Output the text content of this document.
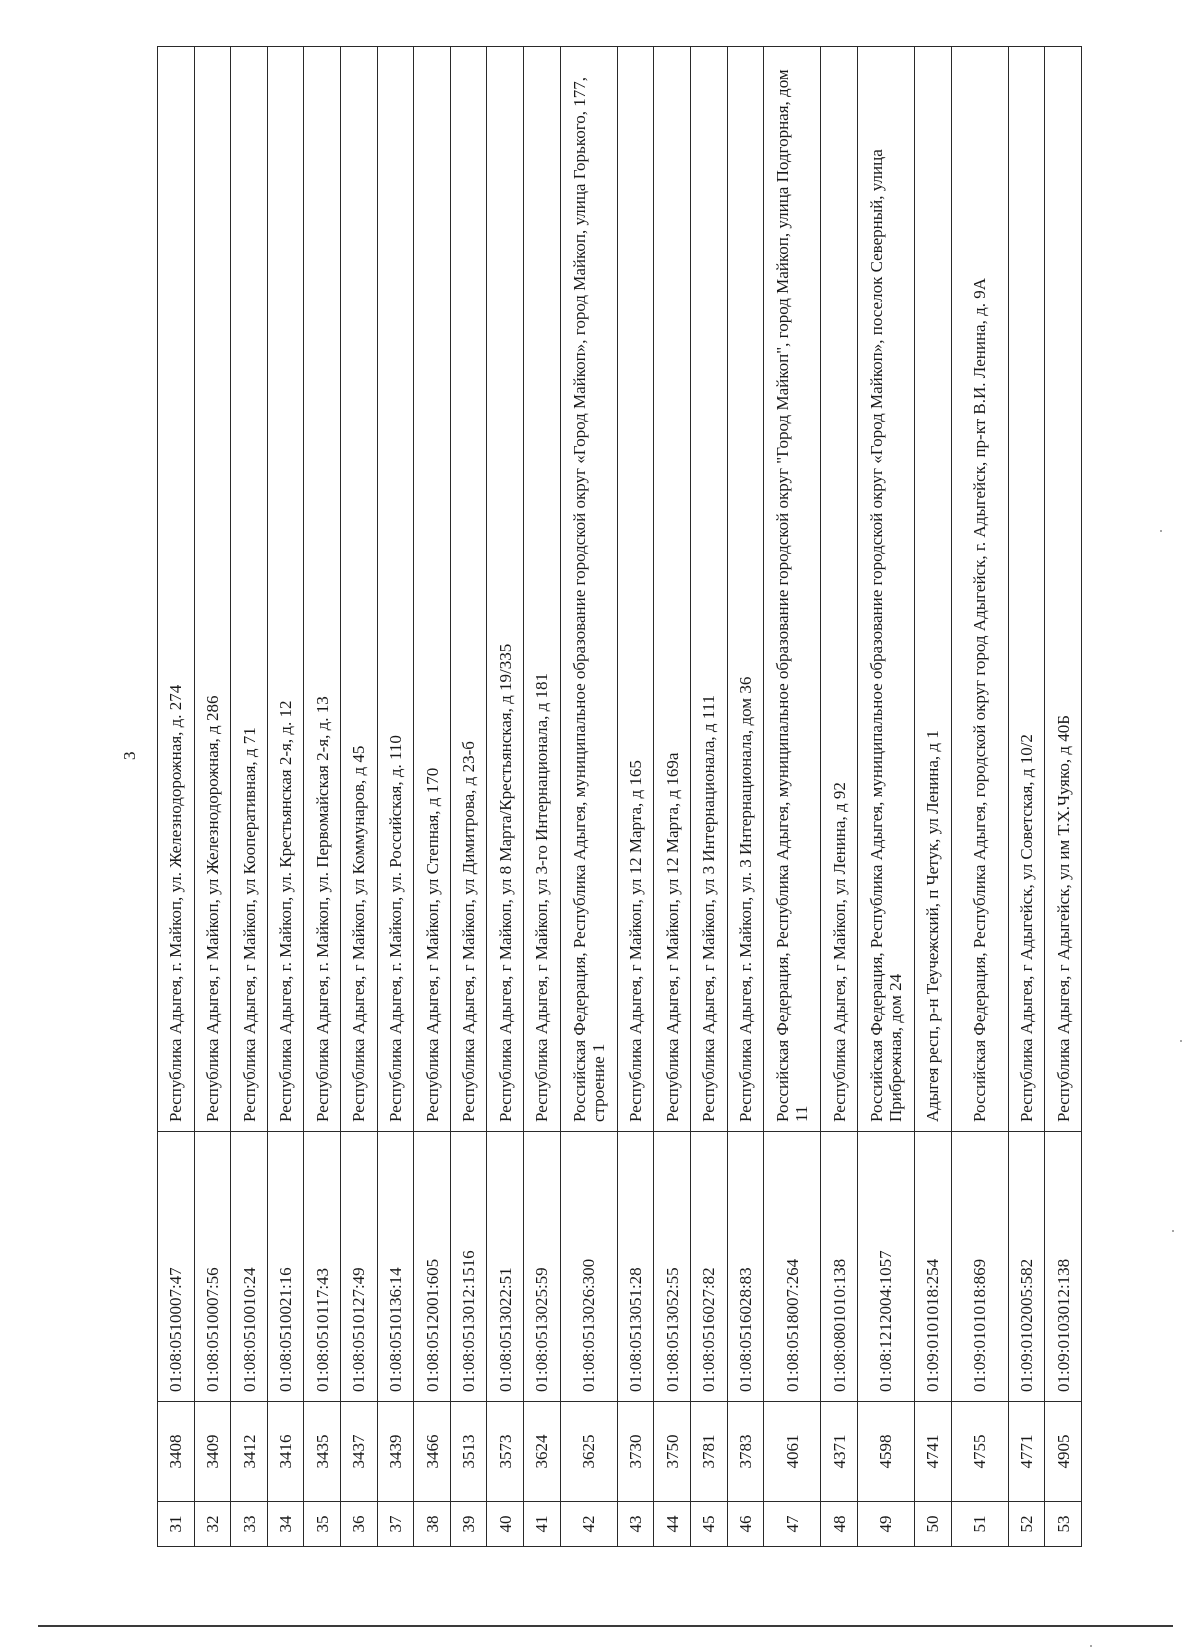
3
31	3408	01:08:0510007:47	Республика Адыгея, г. Майкоп, ул. Железнодорожная, д. 274
32	3409	01:08:0510007:56	Республика Адыгея, г Майкоп, ул Железнодорожная, д 286
33	3412	01:08:0510010:24	Республика Адыгея, г Майкоп, ул Кооперативная, д 71
34	3416	01:08:0510021:16	Республика Адыгея, г. Майкоп, ул. Крестьянская 2-я, д. 12
35	3435	01:08:0510117:43	Республика Адыгея, г. Майкоп, ул. Первомайская 2-я, д. 13
36	3437	01:08:0510127:49	Республика Адыгея, г Майкоп, ул Коммунаров, д 45
37	3439	01:08:0510136:14	Республика Адыгея, г. Майкоп, ул. Российская, д. 110
38	3466	01:08:0512001:605	Республика Адыгея, г Майкоп, ул Степная, д 170
39	3513	01:08:0513012:1516	Республика Адыгея, г Майкоп, ул Димитрова, д 23-б
40	3573	01:08:0513022:51	Республика Адыгея, г Майкоп, ул 8 Марта/Крестьянская, д 19/335
41	3624	01:08:0513025:59	Республика Адыгея, г Майкоп, ул 3-го Интернационала, д 181
42	3625	01:08:0513026:300	Российская Федерация, Республика Адыгея, муниципальное образование городской округ «Город Майкоп», город Майкоп, улица Горького, 177, строение 1
43	3730	01:08:0513051:28	Республика Адыгея, г Майкоп, ул 12 Марта, д 165
44	3750	01:08:0513052:55	Республика Адыгея, г Майкоп, ул 12 Марта, д 169а
45	3781	01:08:0516027:82	Республика Адыгея, г Майкоп, ул 3 Интернационала, д 111
46	3783	01:08:0516028:83	Республика Адыгея, г. Майкоп, ул. 3 Интернационала, дом 36
47	4061	01:08:0518007:264	Российская Федерация, Республика Адыгея, муниципальное образование городской округ "Город Майкоп", город Майкоп, улица Подгорная, дом 11
48	4371	01:08:0801010:138	Республика Адыгея, г Майкоп, ул Ленина, д 92
49	4598	01:08:1212004:1057	Российская Федерация, Республика Адыгея, муниципальное образование городской округ «Город Майкоп», поселок Северный, улица Прибрежная, дом 24
50	4741	01:09:0101018:254	Адыгея респ, р-н Теучежский, п Четук, ул Ленина, д 1
51	4755	01:09:0101018:869	Российская Федерация, Республика Адыгея, городской округ город Адыгейск, г. Адыгейск, пр-кт В.И. Ленина, д. 9А
52	4771	01:09:0102005:582	Республика Адыгея, г Адыгейск, ул Советская, д 10/2
53	4905	01:09:0103012:138	Республика Адыгея, г Адыгейск, ул им Т.Х.Чуяко, д 40Б
